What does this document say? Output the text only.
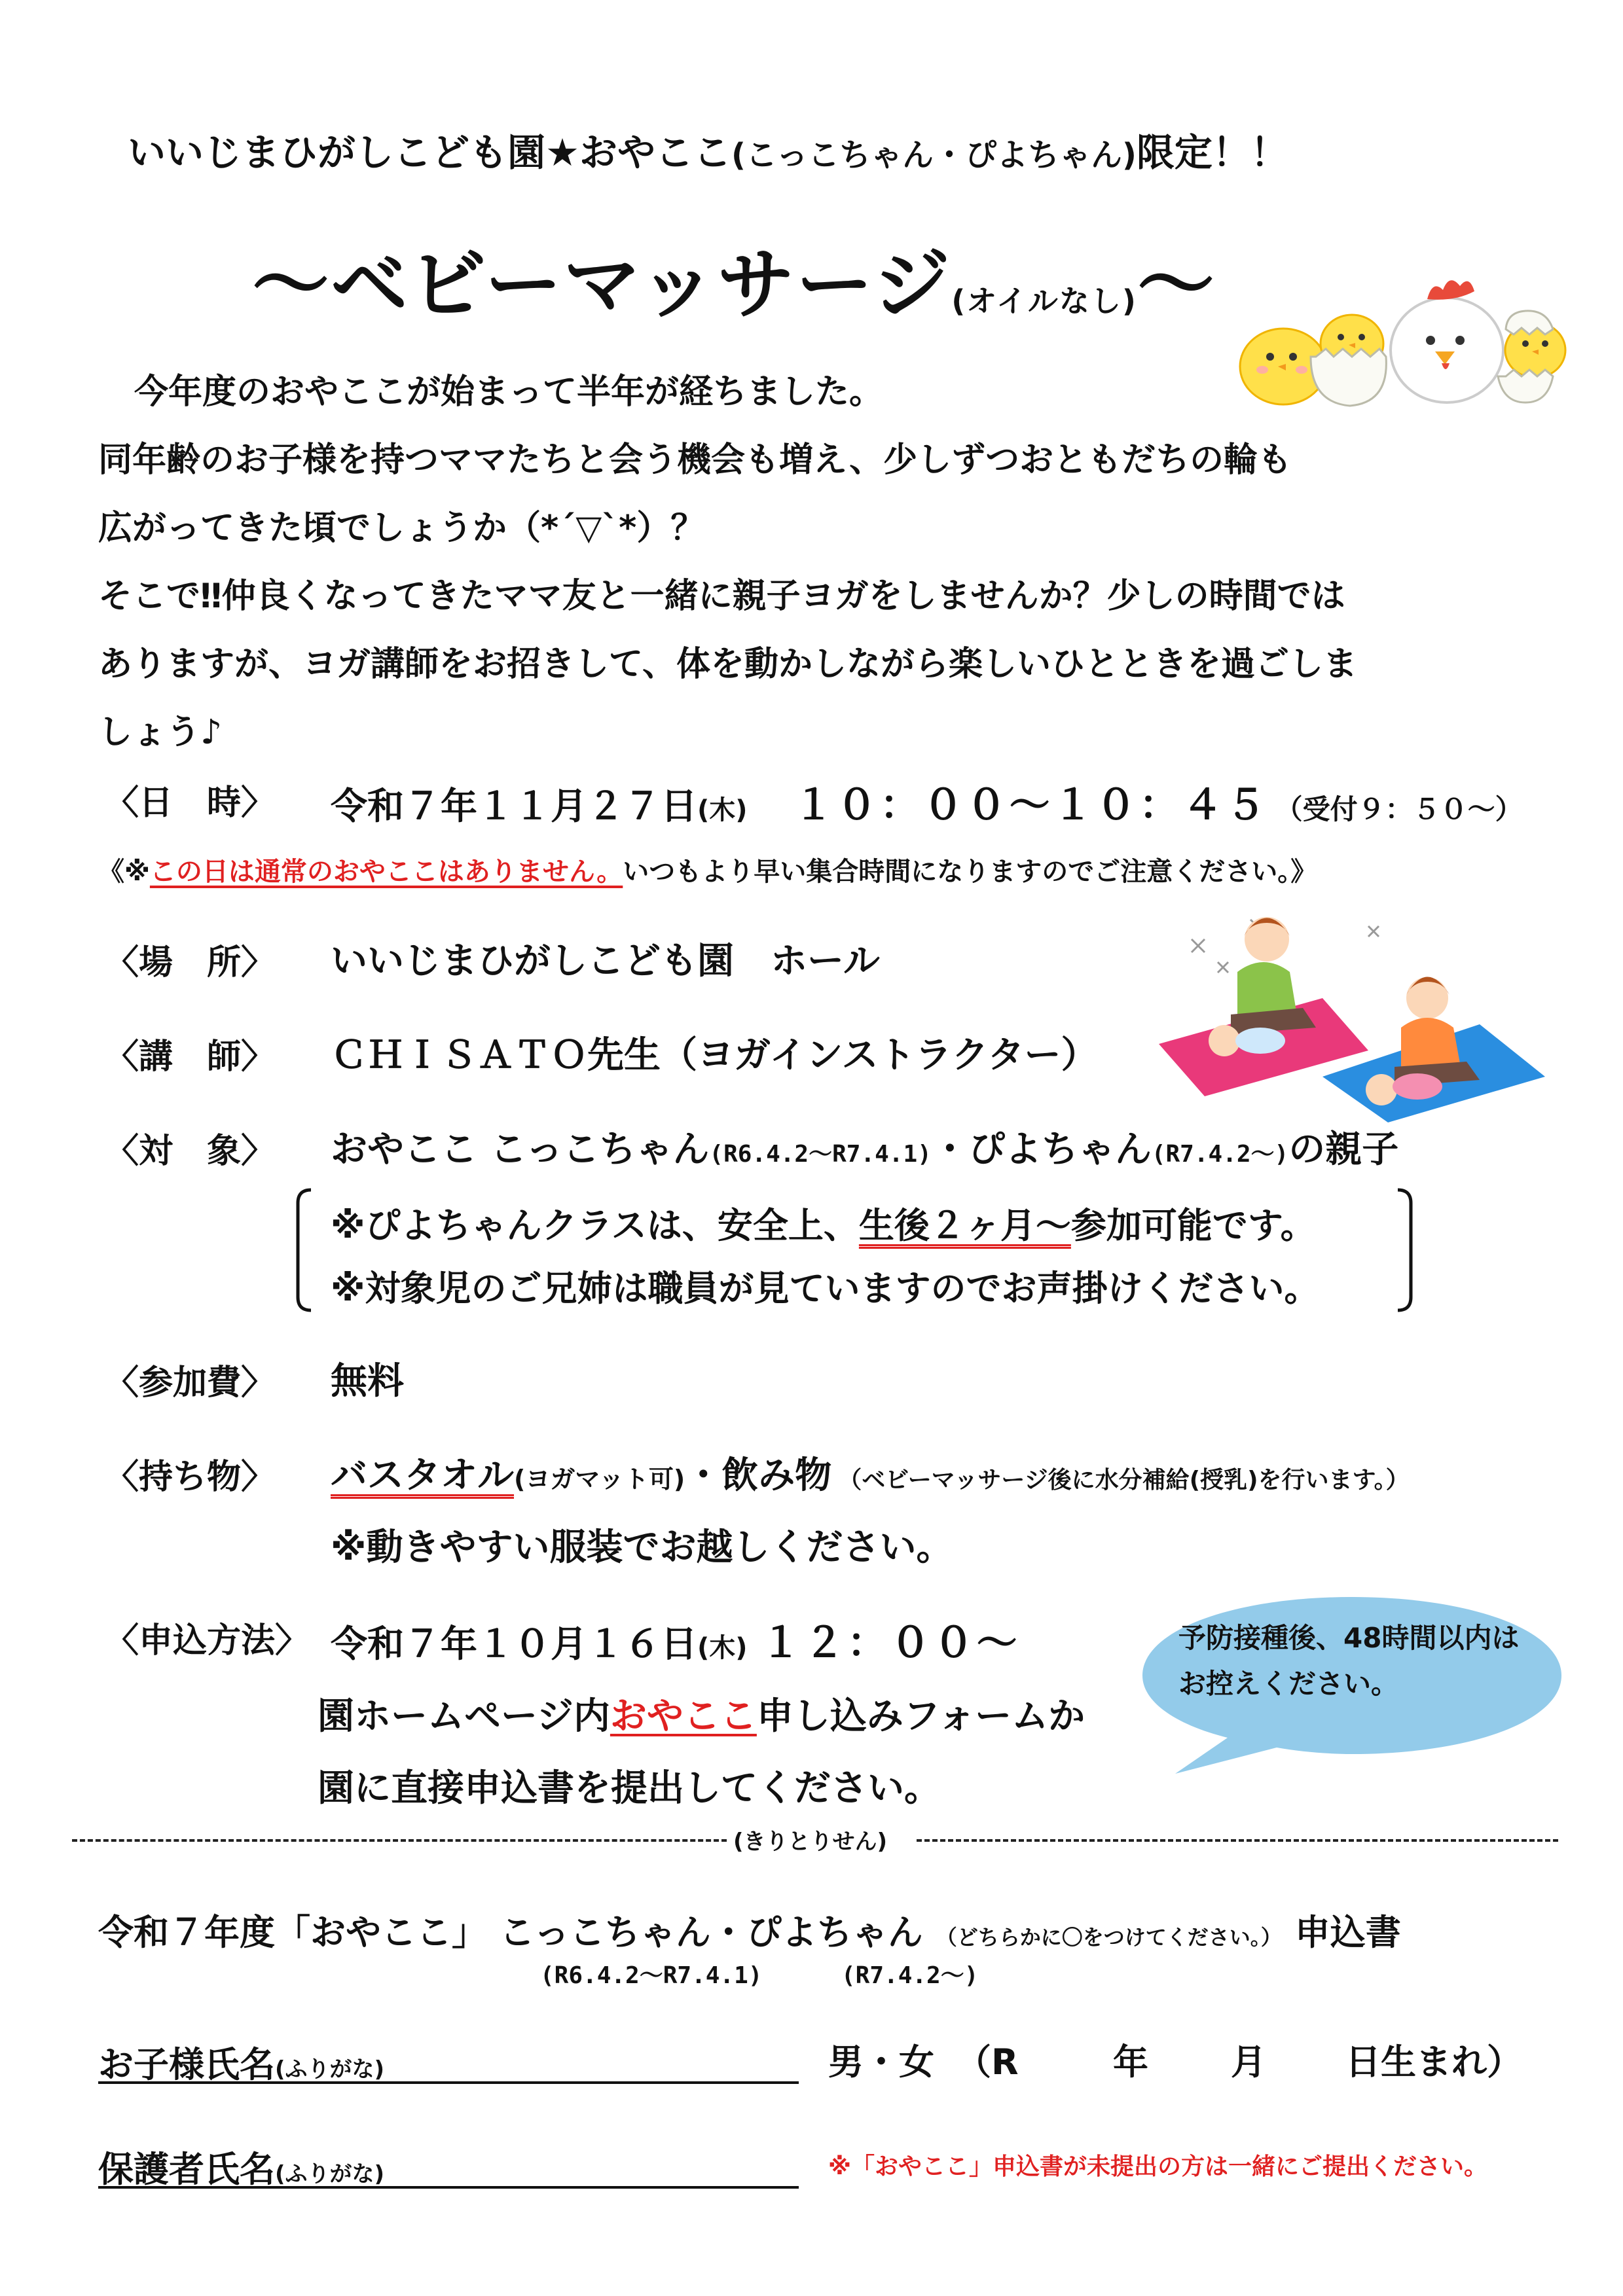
いいじまひがしこども園★おやここ(こっこちゃん・ぴよちゃん)限定！！
～ベビーマッサージ(オイルなし)～
今年度のおやここが始まって半年が経ちました。
同年齢のお子様を持つママたちと会う機会も増え、少しずつおともだちの輪も
広がってきた頃でしょうか（*´▽`*）？
そこで‼仲良くなってきたママ友と一緒に親子ヨガをしませんか？少しの時間では
ありますが、ヨガ講師をお招きして、体を動かしながら楽しいひとときを過ごしま
しょう♪
〈日　時〉 令和７年１１月２７日(木) １０：００～１０：４５ （受付９：５０～）
《※この日は通常のおやここはありません。いつもより早い集合時間になりますのでご注意ください。》
〈場　所〉 いいじまひがしこども園　ホール
〈講　師〉 ＣＨＩＳＡＴＯ先生（ヨガインストラクター）
〈対　象〉 おやここ こっこちゃん(R6.4.2～R7.4.1)・ぴよちゃん(R7.4.2～)の親子
※ぴよちゃんクラスは、安全上、生後２ヶ月～参加可能です。
※対象児のご兄姉は職員が見ていますのでお声掛けください。
〈参加費〉 無料
〈持ち物〉 バスタオル(ヨガマット可)・飲み物 （ベビーマッサージ後に水分補給(授乳)を行います。）
※動きやすい服装でお越しください。
〈申込方法〉 令和７年１０月１６日(木) １２：００～
園ホームページ内おやここ申し込みフォームか
園に直接申込書を提出してください。
予防接種後、48時間以内は
お控えください。
(きりとりせん)
令和７年度「おやここ」 こっこちゃん・ぴよちゃん （どちらかに〇をつけてください。） 申込書
(R6.4.2～R7.4.1)	(R7.4.2～)
お子様氏名(ふりがな)	男・女 （R	年 月 日生まれ）
保護者氏名(ふりがな)	※「おやここ」申込書が未提出の方は一緒にご提出ください。
